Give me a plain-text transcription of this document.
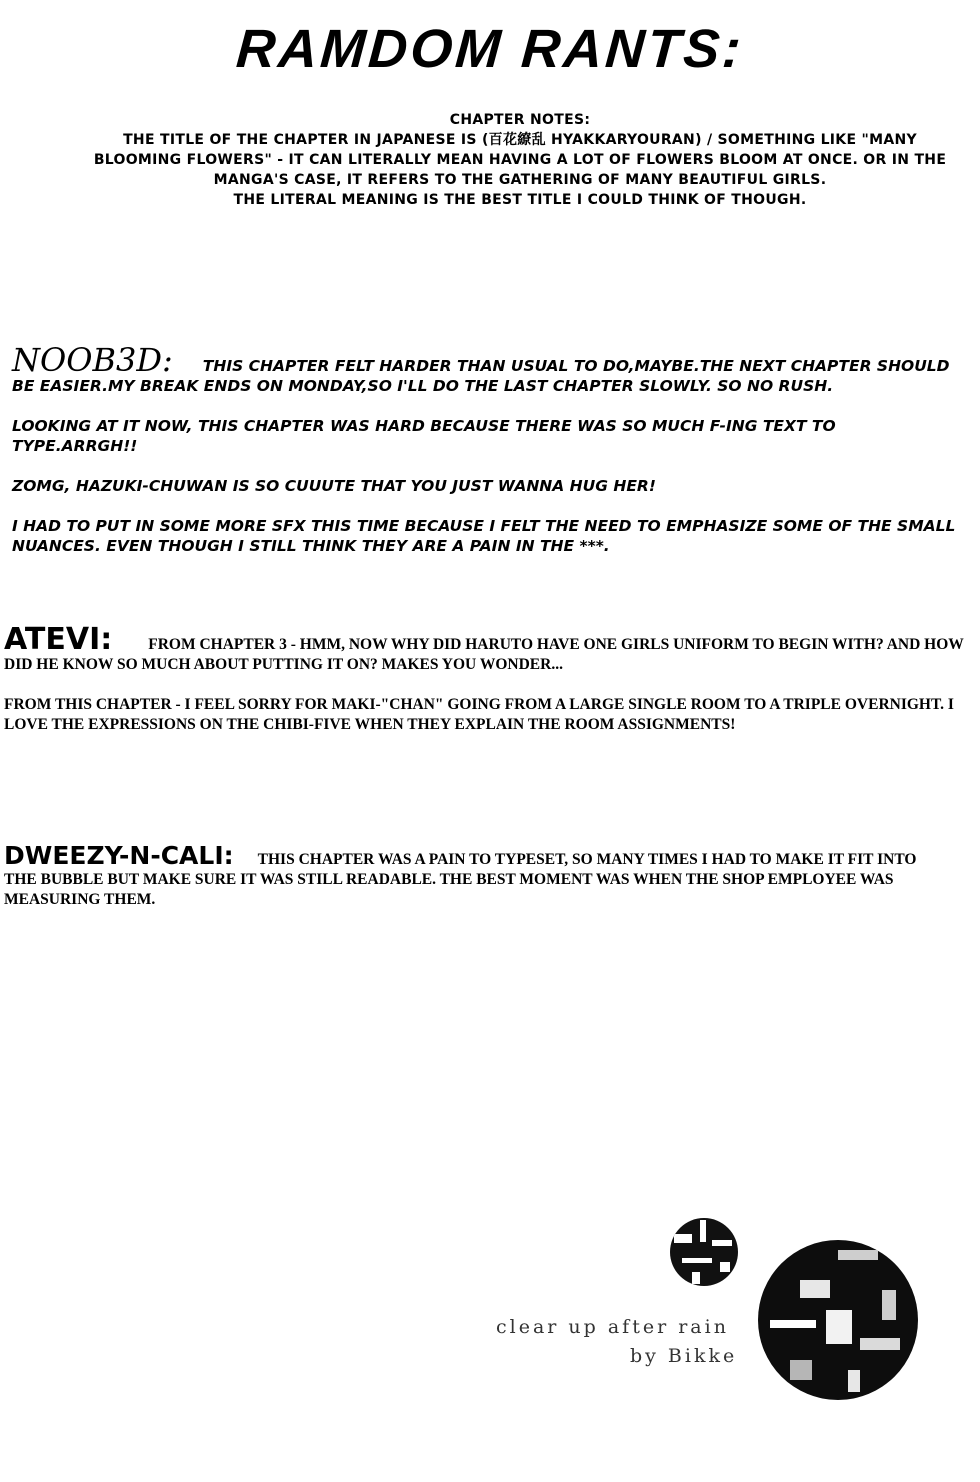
RAMDOM RANTS:
CHAPTER NOTES:
THE TITLE OF THE CHAPTER IN JAPANESE IS (百花繚乱 HYAKKARYOURAN) / SOMETHING LIKE "MANY
BLOOMING FLOWERS" - IT CAN LITERALLY MEAN HAVING A LOT OF FLOWERS BLOOM AT ONCE. OR IN THE
MANGA'S CASE, IT REFERS TO THE GATHERING OF MANY BEAUTIFUL GIRLS.
THE LITERAL MEANING IS THE BEST TITLE I COULD THINK OF THOUGH.

NOOB3D: THIS CHAPTER FELT HARDER THAN USUAL TO DO,MAYBE.THE NEXT CHAPTER SHOULD BE EASIER.MY BREAK ENDS ON MONDAY,SO I'LL DO THE LAST CHAPTER SLOWLY. SO NO RUSH.

LOOKING AT IT NOW, THIS CHAPTER WAS HARD BECAUSE THERE WAS SO MUCH F-ING TEXT TO TYPE.ARRGH!!

ZOMG, HAZUKI-CHUWAN IS SO CUUUTE THAT YOU JUST WANNA HUG HER!

I HAD TO PUT IN SOME MORE SFX THIS TIME BECAUSE I FELT THE NEED TO EMPHASIZE SOME OF THE SMALL NUANCES. EVEN THOUGH I STILL THINK THEY ARE A PAIN IN THE ***.

ATEVI: FROM CHAPTER 3 - HMM, NOW WHY DID HARUTO HAVE ONE GIRLS UNIFORM TO BEGIN WITH? AND HOW DID HE KNOW SO MUCH ABOUT PUTTING IT ON? MAKES YOU WONDER...

FROM THIS CHAPTER - I FEEL SORRY FOR MAKI-"CHAN" GOING FROM A LARGE SINGLE ROOM TO A TRIPLE OVERNIGHT. I LOVE THE EXPRESSIONS ON THE CHIBI-FIVE WHEN THEY EXPLAIN THE ROOM ASSIGNMENTS!

DWEEZY-N-CALI: THIS CHAPTER WAS A PAIN TO TYPESET, SO MANY TIMES I HAD TO MAKE IT FIT INTO THE BUBBLE BUT MAKE SURE IT WAS STILL READABLE. THE BEST MOMENT WAS WHEN THE SHOP EMPLOYEE WAS MEASURING THEM.

clear up after rain
by Bikke
